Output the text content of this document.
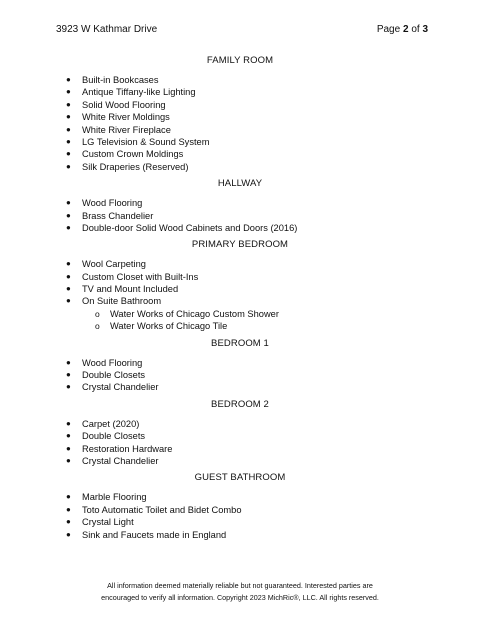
3923 W Kathmar Drive	Page 2 of 3
FAMILY ROOM
● Built-in Bookcases
● Antique Tiffany-like Lighting
● Solid Wood Flooring
● White River Moldings
● White River Fireplace
● LG Television & Sound System
● Custom Crown Moldings
● Silk Draperies (Reserved)
HALLWAY
● Wood Flooring
● Brass Chandelier
● Double-door Solid Wood Cabinets and Doors (2016)
PRIMARY BEDROOM
● Wool Carpeting
● Custom Closet with Built-Ins
● TV and Mount Included
● On Suite Bathroom
o Water Works of Chicago Custom Shower
o Water Works of Chicago Tile
BEDROOM 1
● Wood Flooring
● Double Closets
● Crystal Chandelier
BEDROOM 2
● Carpet (2020)
● Double Closets
● Restoration Hardware
● Crystal Chandelier
GUEST BATHROOM
● Marble Flooring
● Toto Automatic Toilet and Bidet Combo
● Crystal Light
● Sink and Faucets made in England
All information deemed materially reliable but not guaranteed. Interested parties are
encouraged to verify all information. Copyright 2023 MichRic®, LLC. All rights reserved.
